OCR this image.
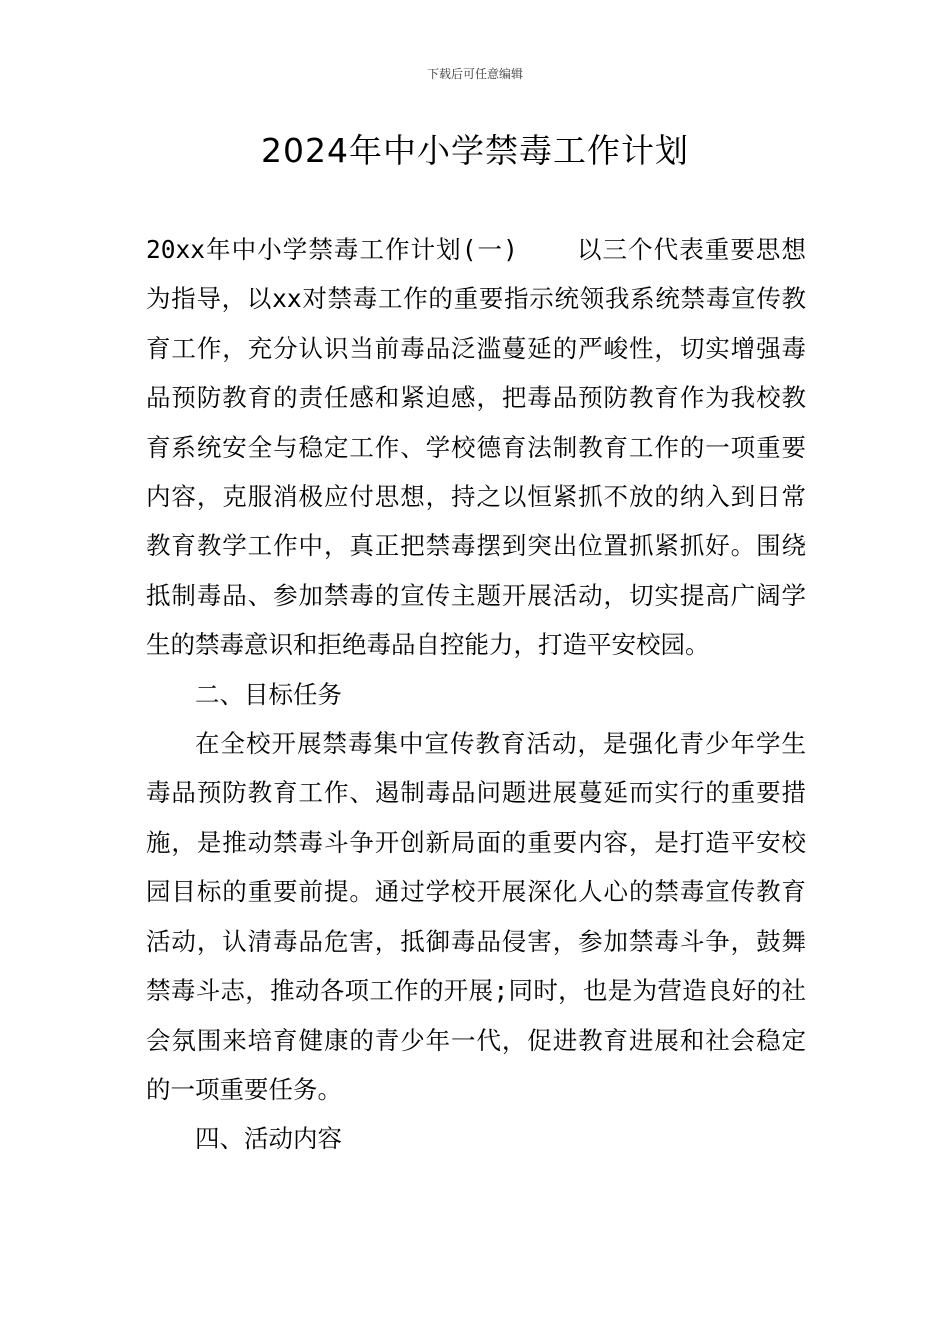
下载后可任意编辑
2024年中小学禁毒工作计划

20xx年中小学禁毒工作计划(一) 以三个代表重要思想为指导，以xx对禁毒工作的重要指示统领我系统禁毒宣传教育工作，充分认识当前毒品泛滥蔓延的严峻性，切实增强毒品预防教育的责任感和紧迫感，把毒品预防教育作为我校教育系统安全与稳定工作、学校德育法制教育工作的一项重要内容，克服消极应付思想，持之以恒紧抓不放的纳入到日常教育教学工作中，真正把禁毒摆到突出位置抓紧抓好。围绕抵制毒品、参加禁毒的宣传主题开展活动，切实提高广阔学生的禁毒意识和拒绝毒品自控能力，打造平安校园。

二、目标任务

在全校开展禁毒集中宣传教育活动，是强化青少年学生毒品预防教育工作、遏制毒品问题进展蔓延而实行的重要措施，是推动禁毒斗争开创新局面的重要内容，是打造平安校园目标的重要前提。通过学校开展深化人心的禁毒宣传教育活动，认清毒品危害，抵御毒品侵害，参加禁毒斗争，鼓舞禁毒斗志，推动各项工作的开展;同时，也是为营造良好的社会氛围来培育健康的青少年一代，促进教育进展和社会稳定的一项重要任务。

四、活动内容
